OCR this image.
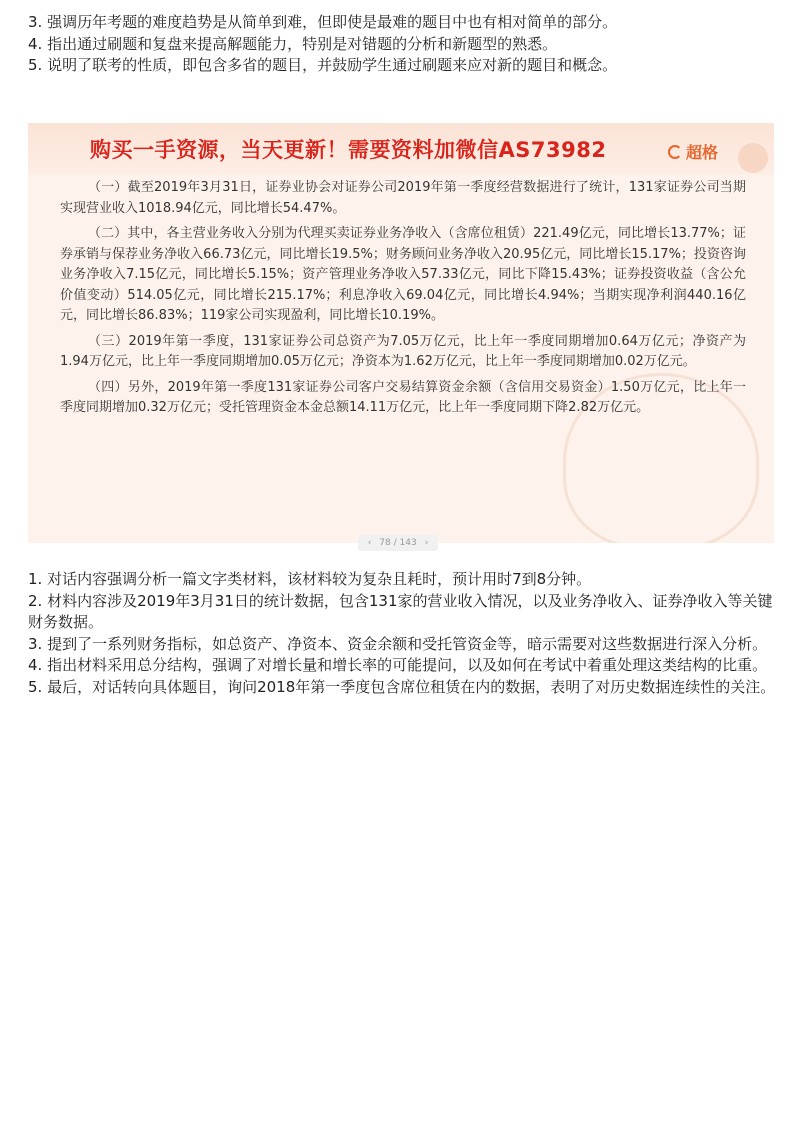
3. 强调历年考题的难度趋势是从简单到难，但即使是最难的题目中也有相对简单的部分。

4. 指出通过刷题和复盘来提高解题能力，特别是对错题的分析和新题型的熟悉。

5. 说明了联考的性质，即包含多省的题目，并鼓励学生通过刷题来应对新的题目和概念。

购买一手资源，当天更新！需要资料加微信AS73982	超格

（一）截至2019年3月31日，证券业协会对证券公司2019年第一季度经营数据进行了统计，131家证券公司当期实现营业收入1018.94亿元，同比增长54.47%。

（二）其中，各主营业务收入分别为代理买卖证券业务净收入（含席位租赁）221.49亿元，同比增长13.77%；证券承销与保荐业务净收入66.73亿元，同比增长19.5%；财务顾问业务净收入20.95亿元，同比增长15.17%；投资咨询业务净收入7.15亿元，同比增长5.15%；资产管理业务净收入57.33亿元，同比下降15.43%；证券投资收益（含公允价值变动）514.05亿元，同比增长215.17%；利息净收入69.04亿元，同比增长4.94%；当期实现净利润440.16亿元，同比增长86.83%；119家公司实现盈利，同比增长10.19%。

（三）2019年第一季度，131家证券公司总资产为7.05万亿元，比上年一季度同期增加0.64万亿元；净资产为1.94万亿元，比上年一季度同期增加0.05万亿元；净资本为1.62万亿元，比上年一季度同期增加0.02万亿元。

（四）另外，2019年第一季度131家证券公司客户交易结算资金余额（含信用交易资金）1.50万亿元，比上年一季度同期增加0.32万亿元；受托管理资金本金总额14.11万亿元，比上年一季度同期下降2.82万亿元。

‹ 78 / 143 ›

1. 对话内容强调分析一篇文字类材料，该材料较为复杂且耗时，预计用时7到8分钟。

2. 材料内容涉及2019年3月31日的统计数据，包含131家的营业收入情况，以及业务净收入、证券净收入等关键财务数据。

3. 提到了一系列财务指标，如总资产、净资本、资金余额和受托管资金等，暗示需要对这些数据进行深入分析。

4. 指出材料采用总分结构，强调了对增长量和增长率的可能提问，以及如何在考试中着重处理这类结构的比重。

5. 最后，对话转向具体题目，询问2018年第一季度包含席位租赁在内的数据，表明了对历史数据连续性的关注。
